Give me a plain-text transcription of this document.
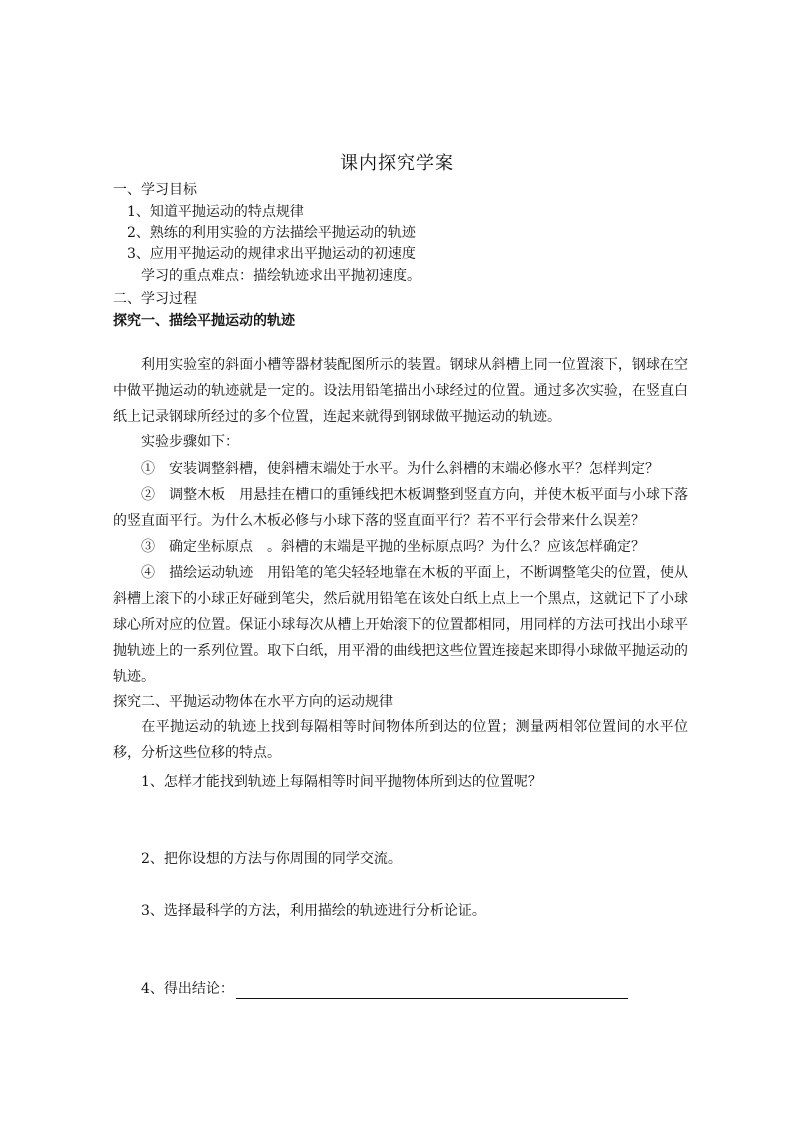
课内探究学案
一、学习目标
1、知道平抛运动的特点规律
2、熟练的利用实验的方法描绘平抛运动的轨迹
3、应用平抛运动的规律求出平抛运动的初速度
学习的重点难点：描绘轨迹求出平抛初速度。
二、学习过程
探究一、描绘平抛运动的轨迹
利用实验室的斜面小槽等器材装配图所示的装置。钢球从斜槽上同一位置滚下，钢球在空中做平抛运动的轨迹就是一定的。设法用铅笔描出小球经过的位置。通过多次实验，在竖直白纸上记录钢球所经过的多个位置，连起来就得到钢球做平抛运动的轨迹。
实验步骤如下：
①　安装调整斜槽，使斜槽末端处于水平。为什么斜槽的末端必修水平？怎样判定？
②　调整木板　用悬挂在槽口的重锤线把木板调整到竖直方向，并使木板平面与小球下落的竖直面平行。为什么木板必修与小球下落的竖直面平行？若不平行会带来什么误差？
③　确定坐标原点　。斜槽的末端是平抛的坐标原点吗？为什么？应该怎样确定？
④　描绘运动轨迹　用铅笔的笔尖轻轻地靠在木板的平面上，不断调整笔尖的位置，使从斜槽上滚下的小球正好碰到笔尖，然后就用铅笔在该处白纸上点上一个黑点，这就记下了小球球心所对应的位置。保证小球每次从槽上开始滚下的位置都相同，用同样的方法可找出小球平抛轨迹上的一系列位置。取下白纸，用平滑的曲线把这些位置连接起来即得小球做平抛运动的轨迹。
探究二、平抛运动物体在水平方向的运动规律
在平抛运动的轨迹上找到每隔相等时间物体所到达的位置；测量两相邻位置间的水平位移，分析这些位移的特点。
1、怎样才能找到轨迹上每隔相等时间平抛物体所到达的位置呢？
2、把你设想的方法与你周围的同学交流。
3、选择最科学的方法，利用描绘的轨迹进行分析论证。
4、得出结论：
